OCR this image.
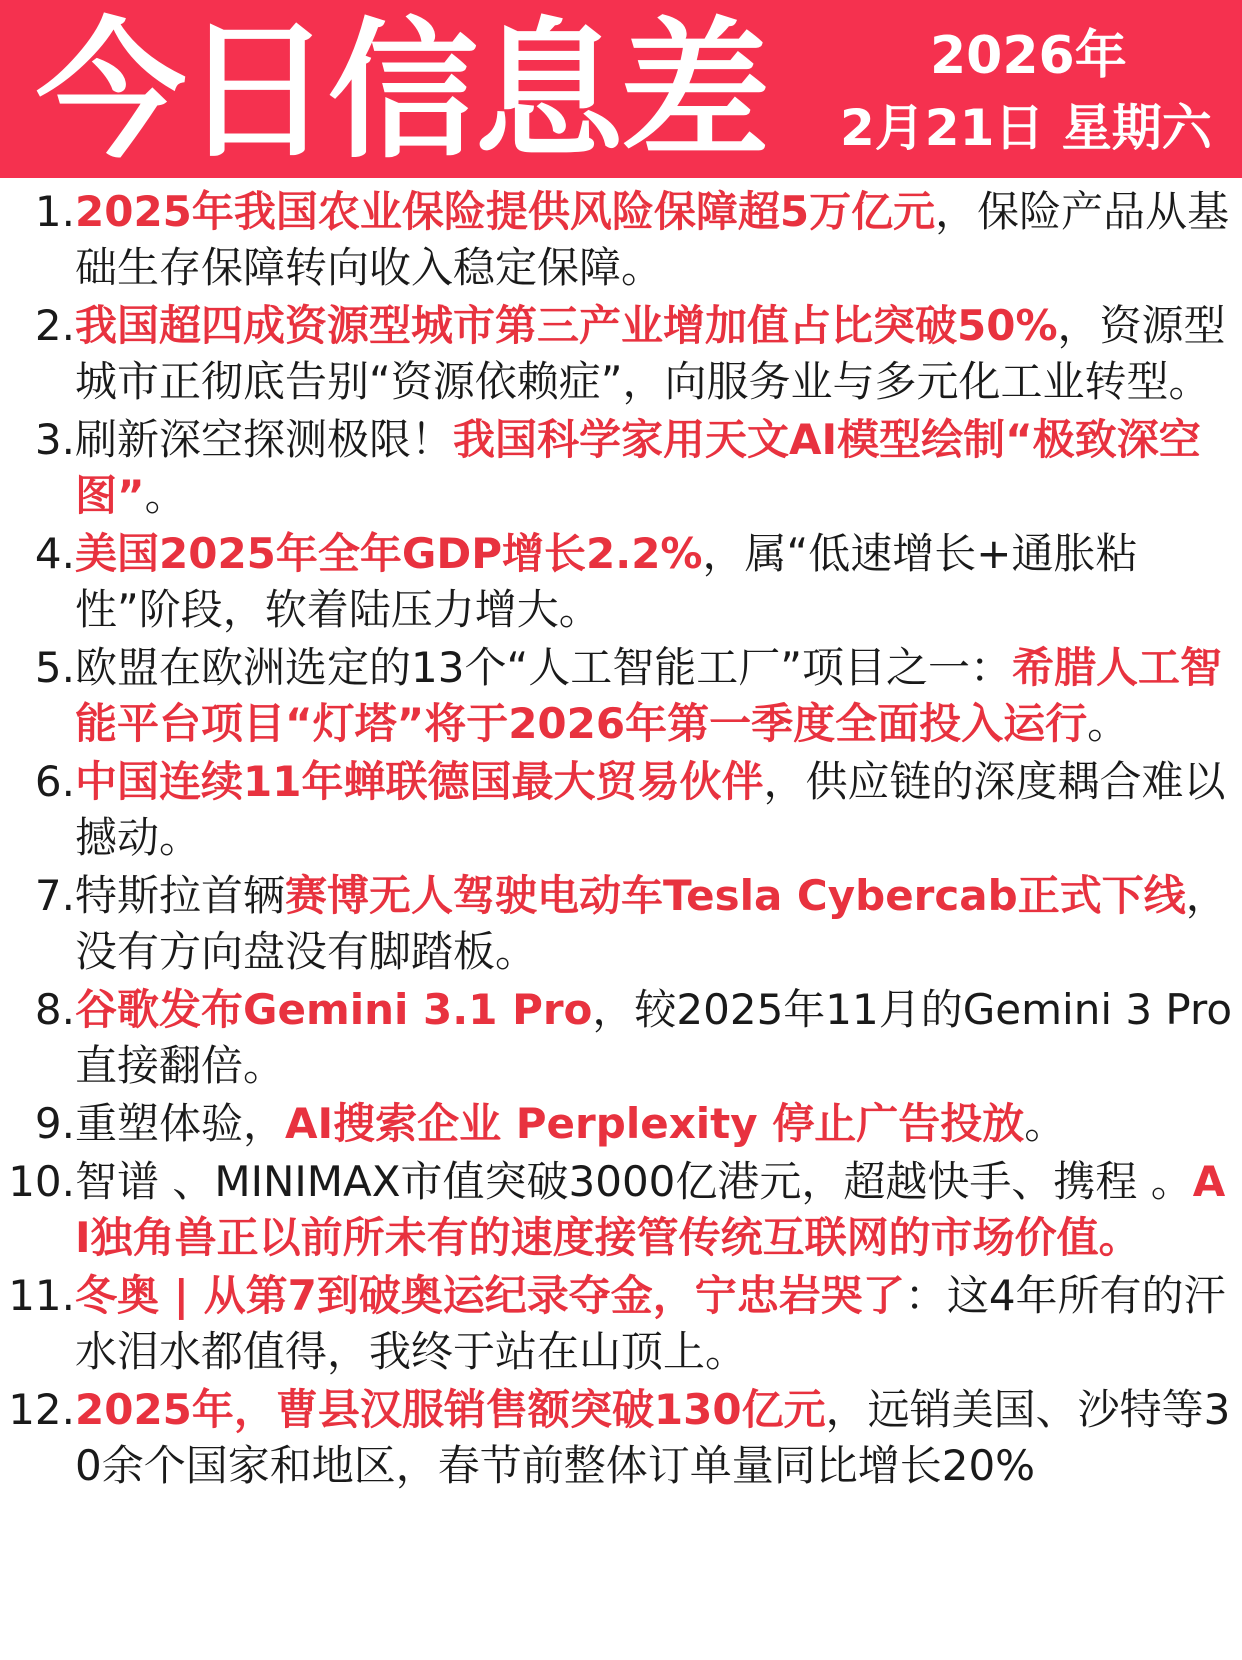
今日信息差	2026年
2月21日 星期六
1. 2025年我国农业保险提供风险保障超5万亿元，保险产品从基础生存保障转向收入稳定保障。
2. 我国超四成资源型城市第三产业增加值占比突破50%，资源型城市正彻底告别“资源依赖症”，向服务业与多元化工业转型。
3. 刷新深空探测极限！我国科学家用天文AI模型绘制“极致深空图”。
4. 美国2025年全年GDP增长2.2%，属“低速增长+通胀粘性”阶段，软着陆压力增大。
5. 欧盟在欧洲选定的13个“人工智能工厂”项目之一：希腊人工智能平台项目“灯塔”将于2026年第一季度全面投入运行。
6. 中国连续11年蝉联德国最大贸易伙伴，供应链的深度耦合难以撼动。
7. 特斯拉首辆赛博无人驾驶电动车Tesla Cybercab正式下线，没有方向盘没有脚踏板。
8. 谷歌发布Gemini 3.1 Pro，较2025年11月的Gemini 3 Pro直接翻倍。
9. 重塑体验，AI搜索企业 Perplexity 停止广告投放。
10. 智谱 、MINIMAX市值突破3000亿港元，超越快手、携程 。AI独角兽正以前所未有的速度接管传统互联网的市场价值。
11. 冬奥 | 从第7到破奥运纪录夺金，宁忠岩哭了：这4年所有的汗水泪水都值得，我终于站在山顶上。
12. 2025年，曹县汉服销售额突破130亿元，远销美国、沙特等30余个国家和地区，春节前整体订单量同比增长20%
